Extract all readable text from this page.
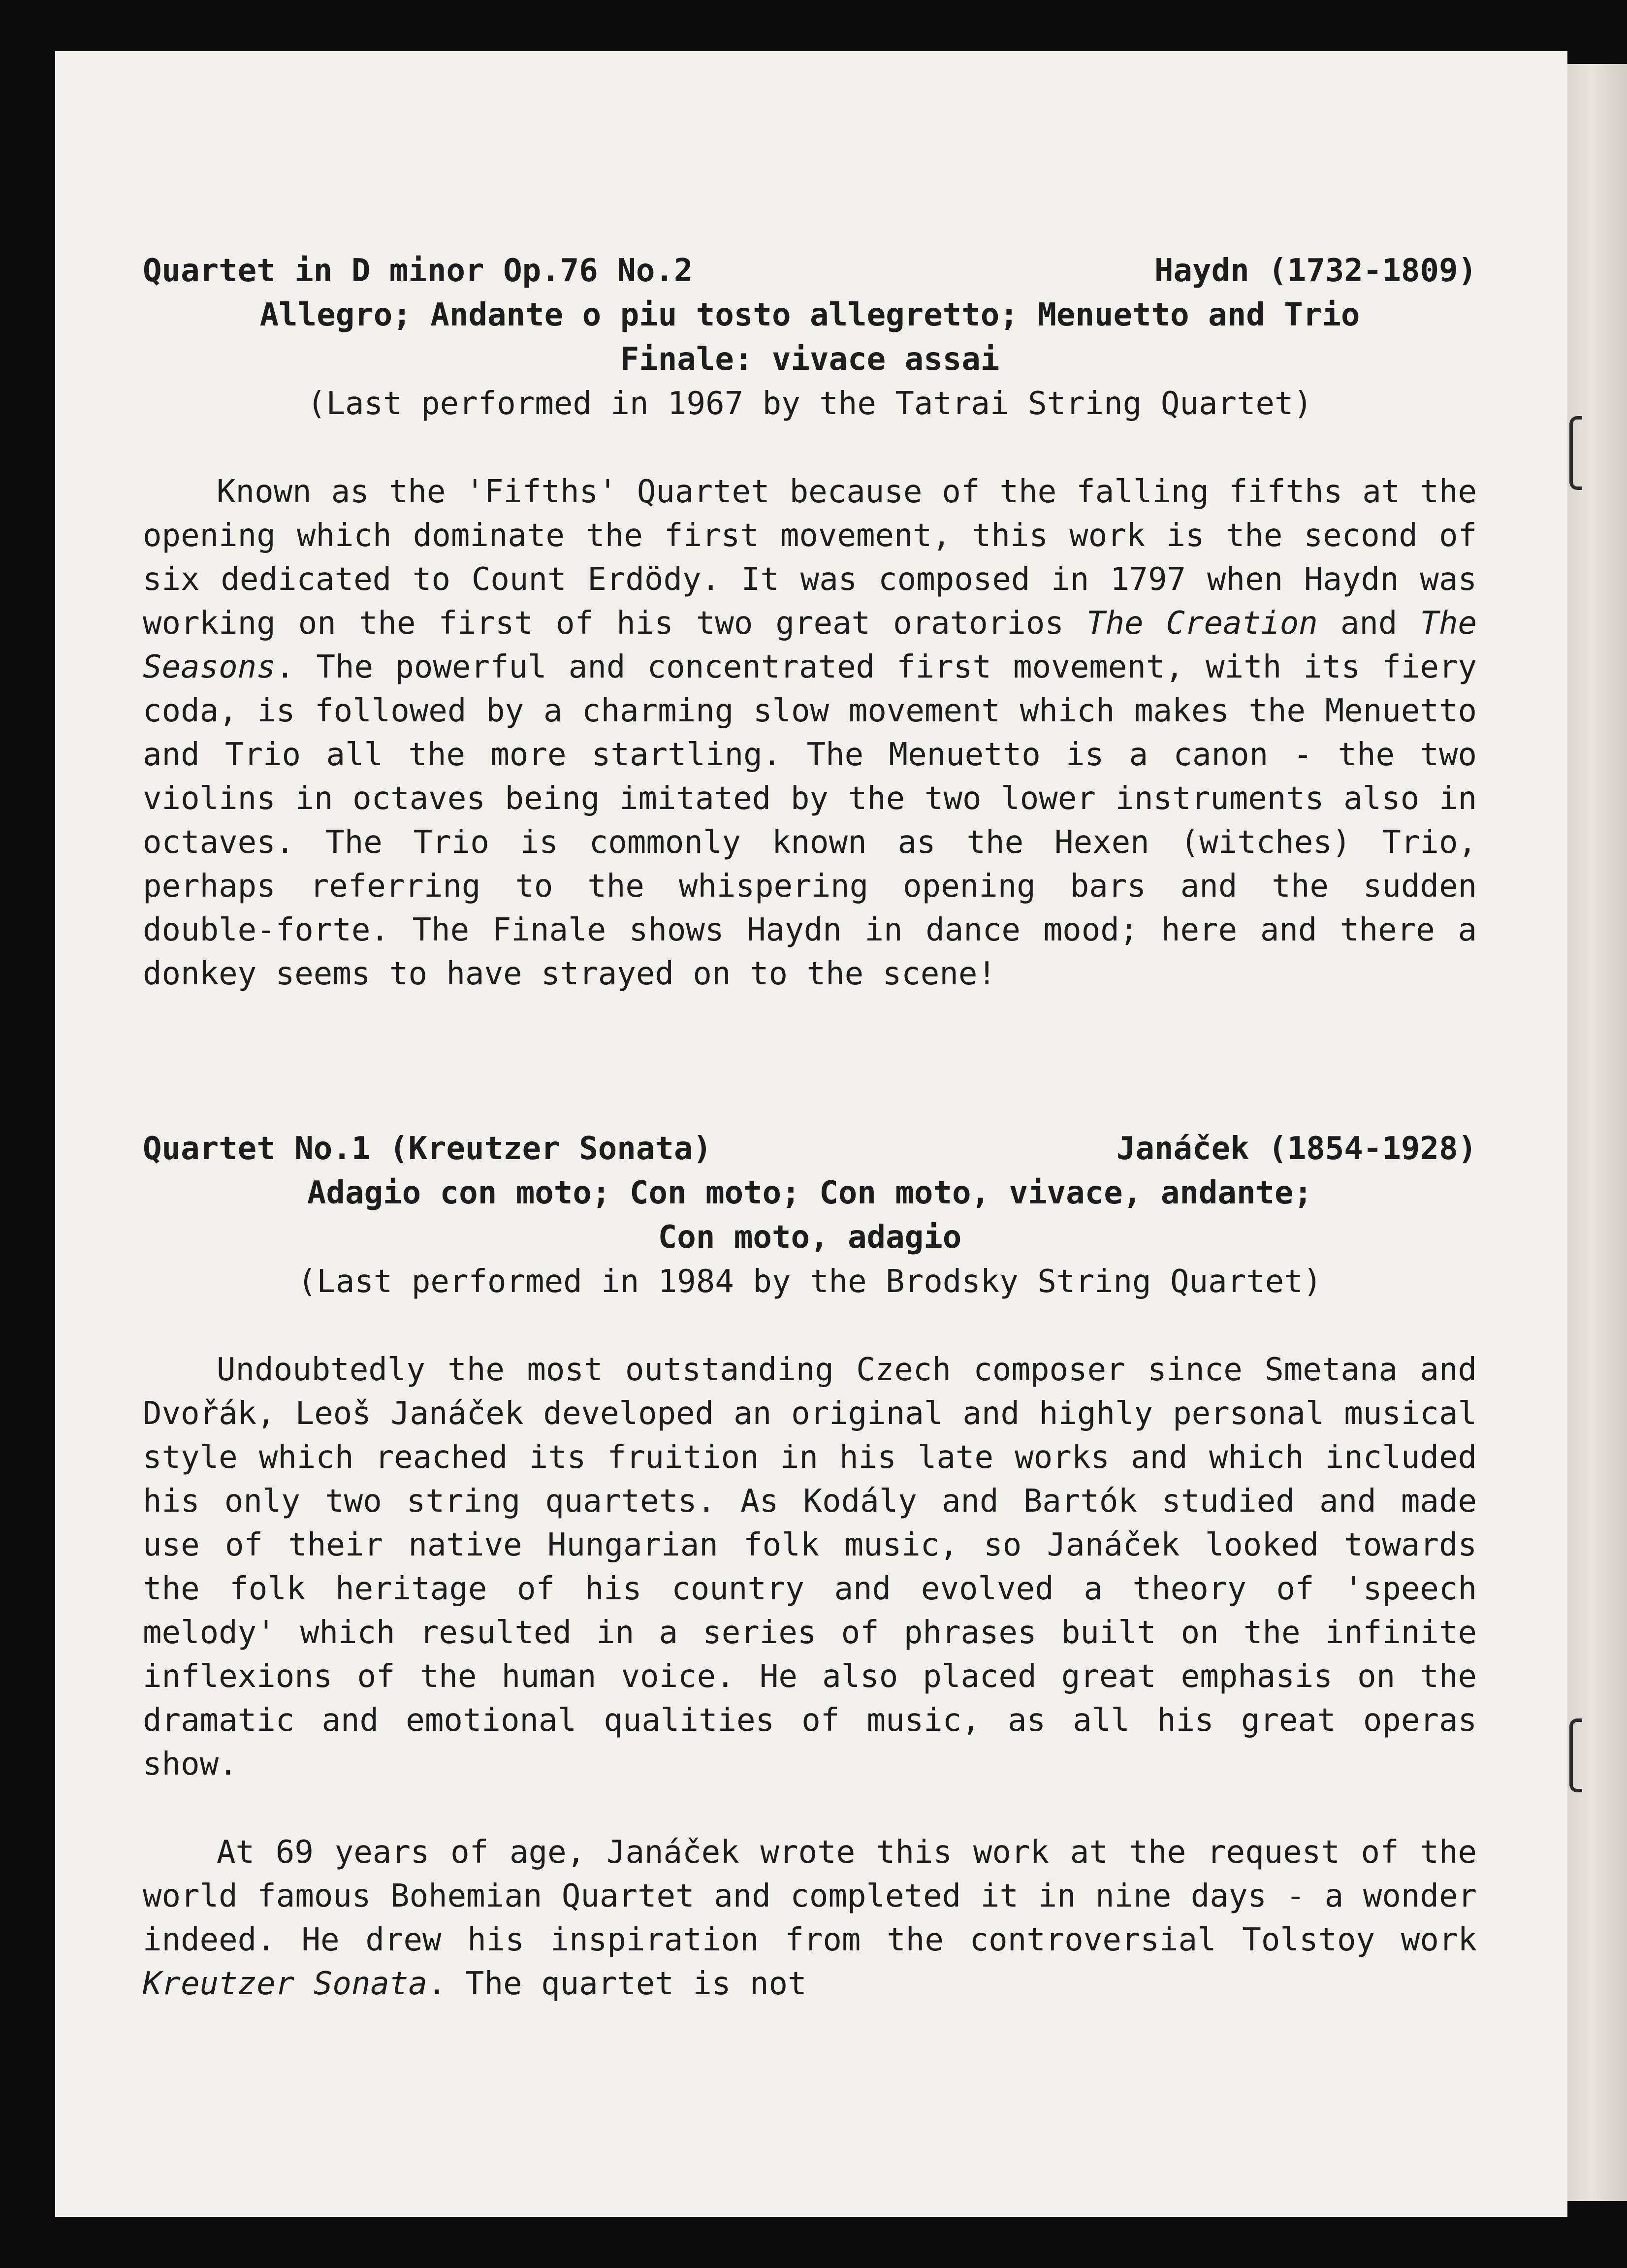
Quartet in D minor Op.76 No.2	Haydn (1732-1809)
Allegro; Andante o piu tosto allegretto; Menuetto and Trio
Finale: vivace assai
(Last performed in 1967 by the Tatrai String Quartet)

Known as the 'Fifths' Quartet because of the falling fifths at the opening which dominate the first movement, this work is the second of six dedicated to Count Erdödy. It was composed in 1797 when Haydn was working on the first of his two great oratorios The Creation and The Seasons. The powerful and concentrated first movement, with its fiery coda, is followed by a charming slow movement which makes the Menuetto and Trio all the more startling. The Menuetto is a canon - the two violins in octaves being imitated by the two lower instruments also in octaves. The Trio is commonly known as the Hexen (witches) Trio, perhaps referring to the whispering opening bars and the sudden double-forte. The Finale shows Haydn in dance mood; here and there a donkey seems to have strayed on to the scene!

Quartet No.1 (Kreutzer Sonata)	Janáček (1854-1928)
Adagio con moto; Con moto; Con moto, vivace, andante;
Con moto, adagio
(Last performed in 1984 by the Brodsky String Quartet)

Undoubtedly the most outstanding Czech composer since Smetana and Dvořák, Leoš Janáček developed an original and highly personal musical style which reached its fruition in his late works and which included his only two string quartets. As Kodály and Bartók studied and made use of their native Hungarian folk music, so Janáček looked towards the folk heritage of his country and evolved a theory of 'speech melody' which resulted in a series of phrases built on the infinite inflexions of the human voice. He also placed great emphasis on the dramatic and emotional qualities of music, as all his great operas show.

At 69 years of age, Janáček wrote this work at the request of the world famous Bohemian Quartet and completed it in nine days - a wonder indeed. He drew his inspiration from the controversial Tolstoy work Kreutzer Sonata. The quartet is not
